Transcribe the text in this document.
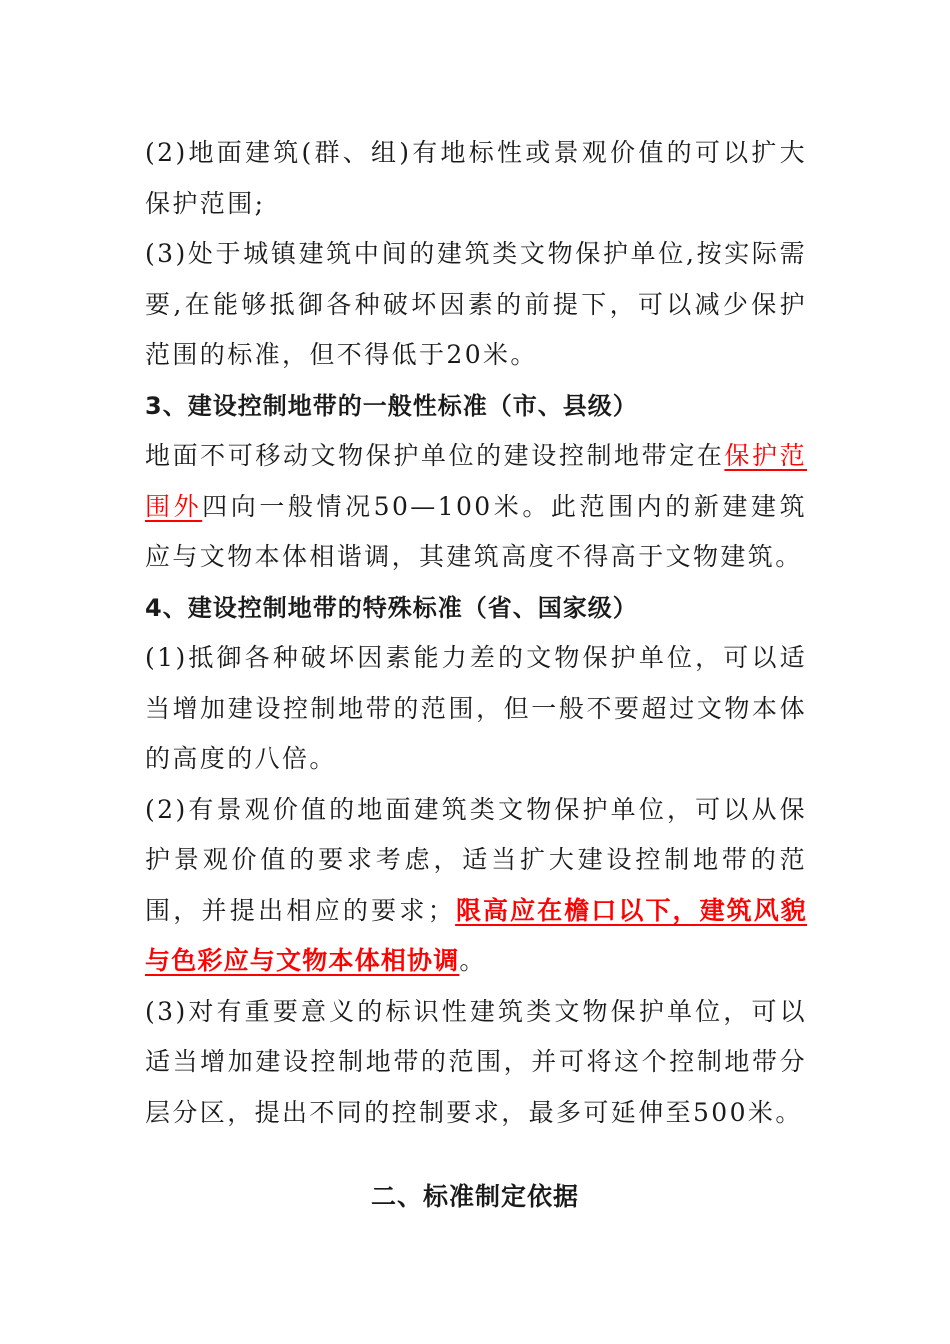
(2)地面建筑(群、组)有地标性或景观价值的可以扩大保护范围;

(3)处于城镇建筑中间的建筑类文物保护单位,按实际需要,在能够抵御各种破坏因素的前提下，可以减少保护范围的标准，但不得低于20米。

3、建设控制地带的一般性标准（市、县级）

地面不可移动文物保护单位的建设控制地带定在保护范围外四向一般情况50—100米。此范围内的新建建筑应与文物本体相谐调，其建筑高度不得高于文物建筑。

4、建设控制地带的特殊标准（省、国家级）

(1)抵御各种破坏因素能力差的文物保护单位，可以适当增加建设控制地带的范围，但一般不要超过文物本体的高度的八倍。

(2)有景观价值的地面建筑类文物保护单位，可以从保护景观价值的要求考虑，适当扩大建设控制地带的范围，并提出相应的要求；限高应在檐口以下，建筑风貌与色彩应与文物本体相协调。

(3)对有重要意义的标识性建筑类文物保护单位，可以适当增加建设控制地带的范围，并可将这个控制地带分层分区，提出不同的控制要求，最多可延伸至500米。

二、标准制定依据
